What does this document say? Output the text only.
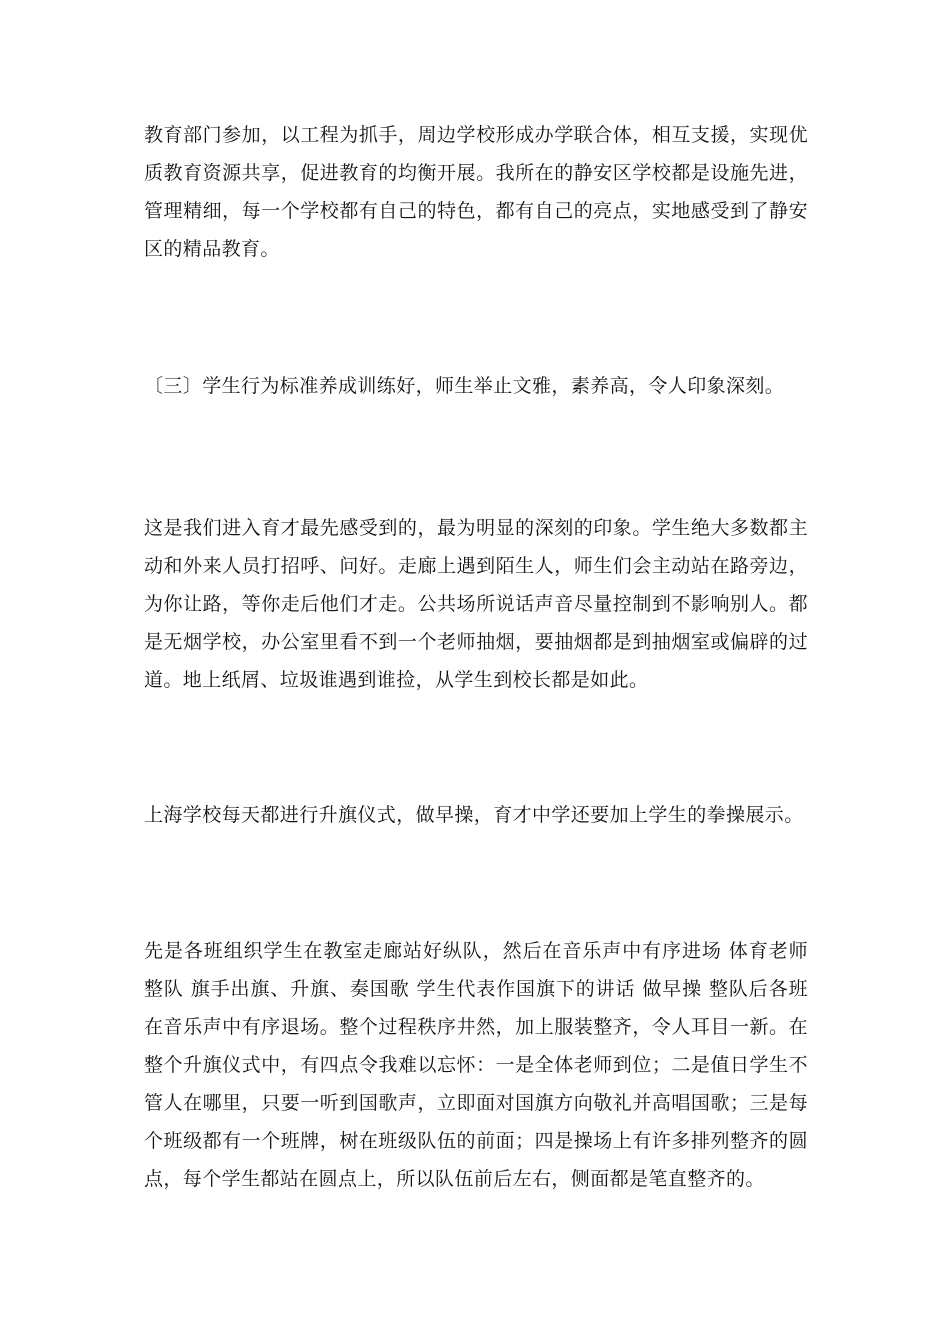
教育部门参加，以工程为抓手，周边学校形成办学联合体，相互支援，实现优质教育资源共享，促进教育的均衡开展。我所在的静安区学校都是设施先进，管理精细，每一个学校都有自己的特色，都有自己的亮点，实地感受到了静安区的精品教育。

〔三〕学生行为标准养成训练好，师生举止文雅，素养高，令人印象深刻。

这是我们进入育才最先感受到的，最为明显的深刻的印象。学生绝大多数都主动和外来人员打招呼、问好。走廊上遇到陌生人，师生们会主动站在路旁边，为你让路，等你走后他们才走。公共场所说话声音尽量控制到不影响别人。都是无烟学校，办公室里看不到一个老师抽烟，要抽烟都是到抽烟室或偏辟的过道。地上纸屑、垃圾谁遇到谁捡，从学生到校长都是如此。

上海学校每天都进行升旗仪式，做早操，育才中学还要加上学生的拳操展示。

先是各班组织学生在教室走廊站好纵队，然后在音乐声中有序进场 体育老师整队 旗手出旗、升旗、奏国歌 学生代表作国旗下的讲话 做早操 整队后各班在音乐声中有序退场。整个过程秩序井然，加上服装整齐，令人耳目一新。在整个升旗仪式中，有四点令我难以忘怀：一是全体老师到位；二是值日学生不管人在哪里，只要一听到国歌声，立即面对国旗方向敬礼并高唱国歌；三是每个班级都有一个班牌，树在班级队伍的前面；四是操场上有许多排列整齐的圆点，每个学生都站在圆点上，所以队伍前后左右，侧面都是笔直整齐的。
